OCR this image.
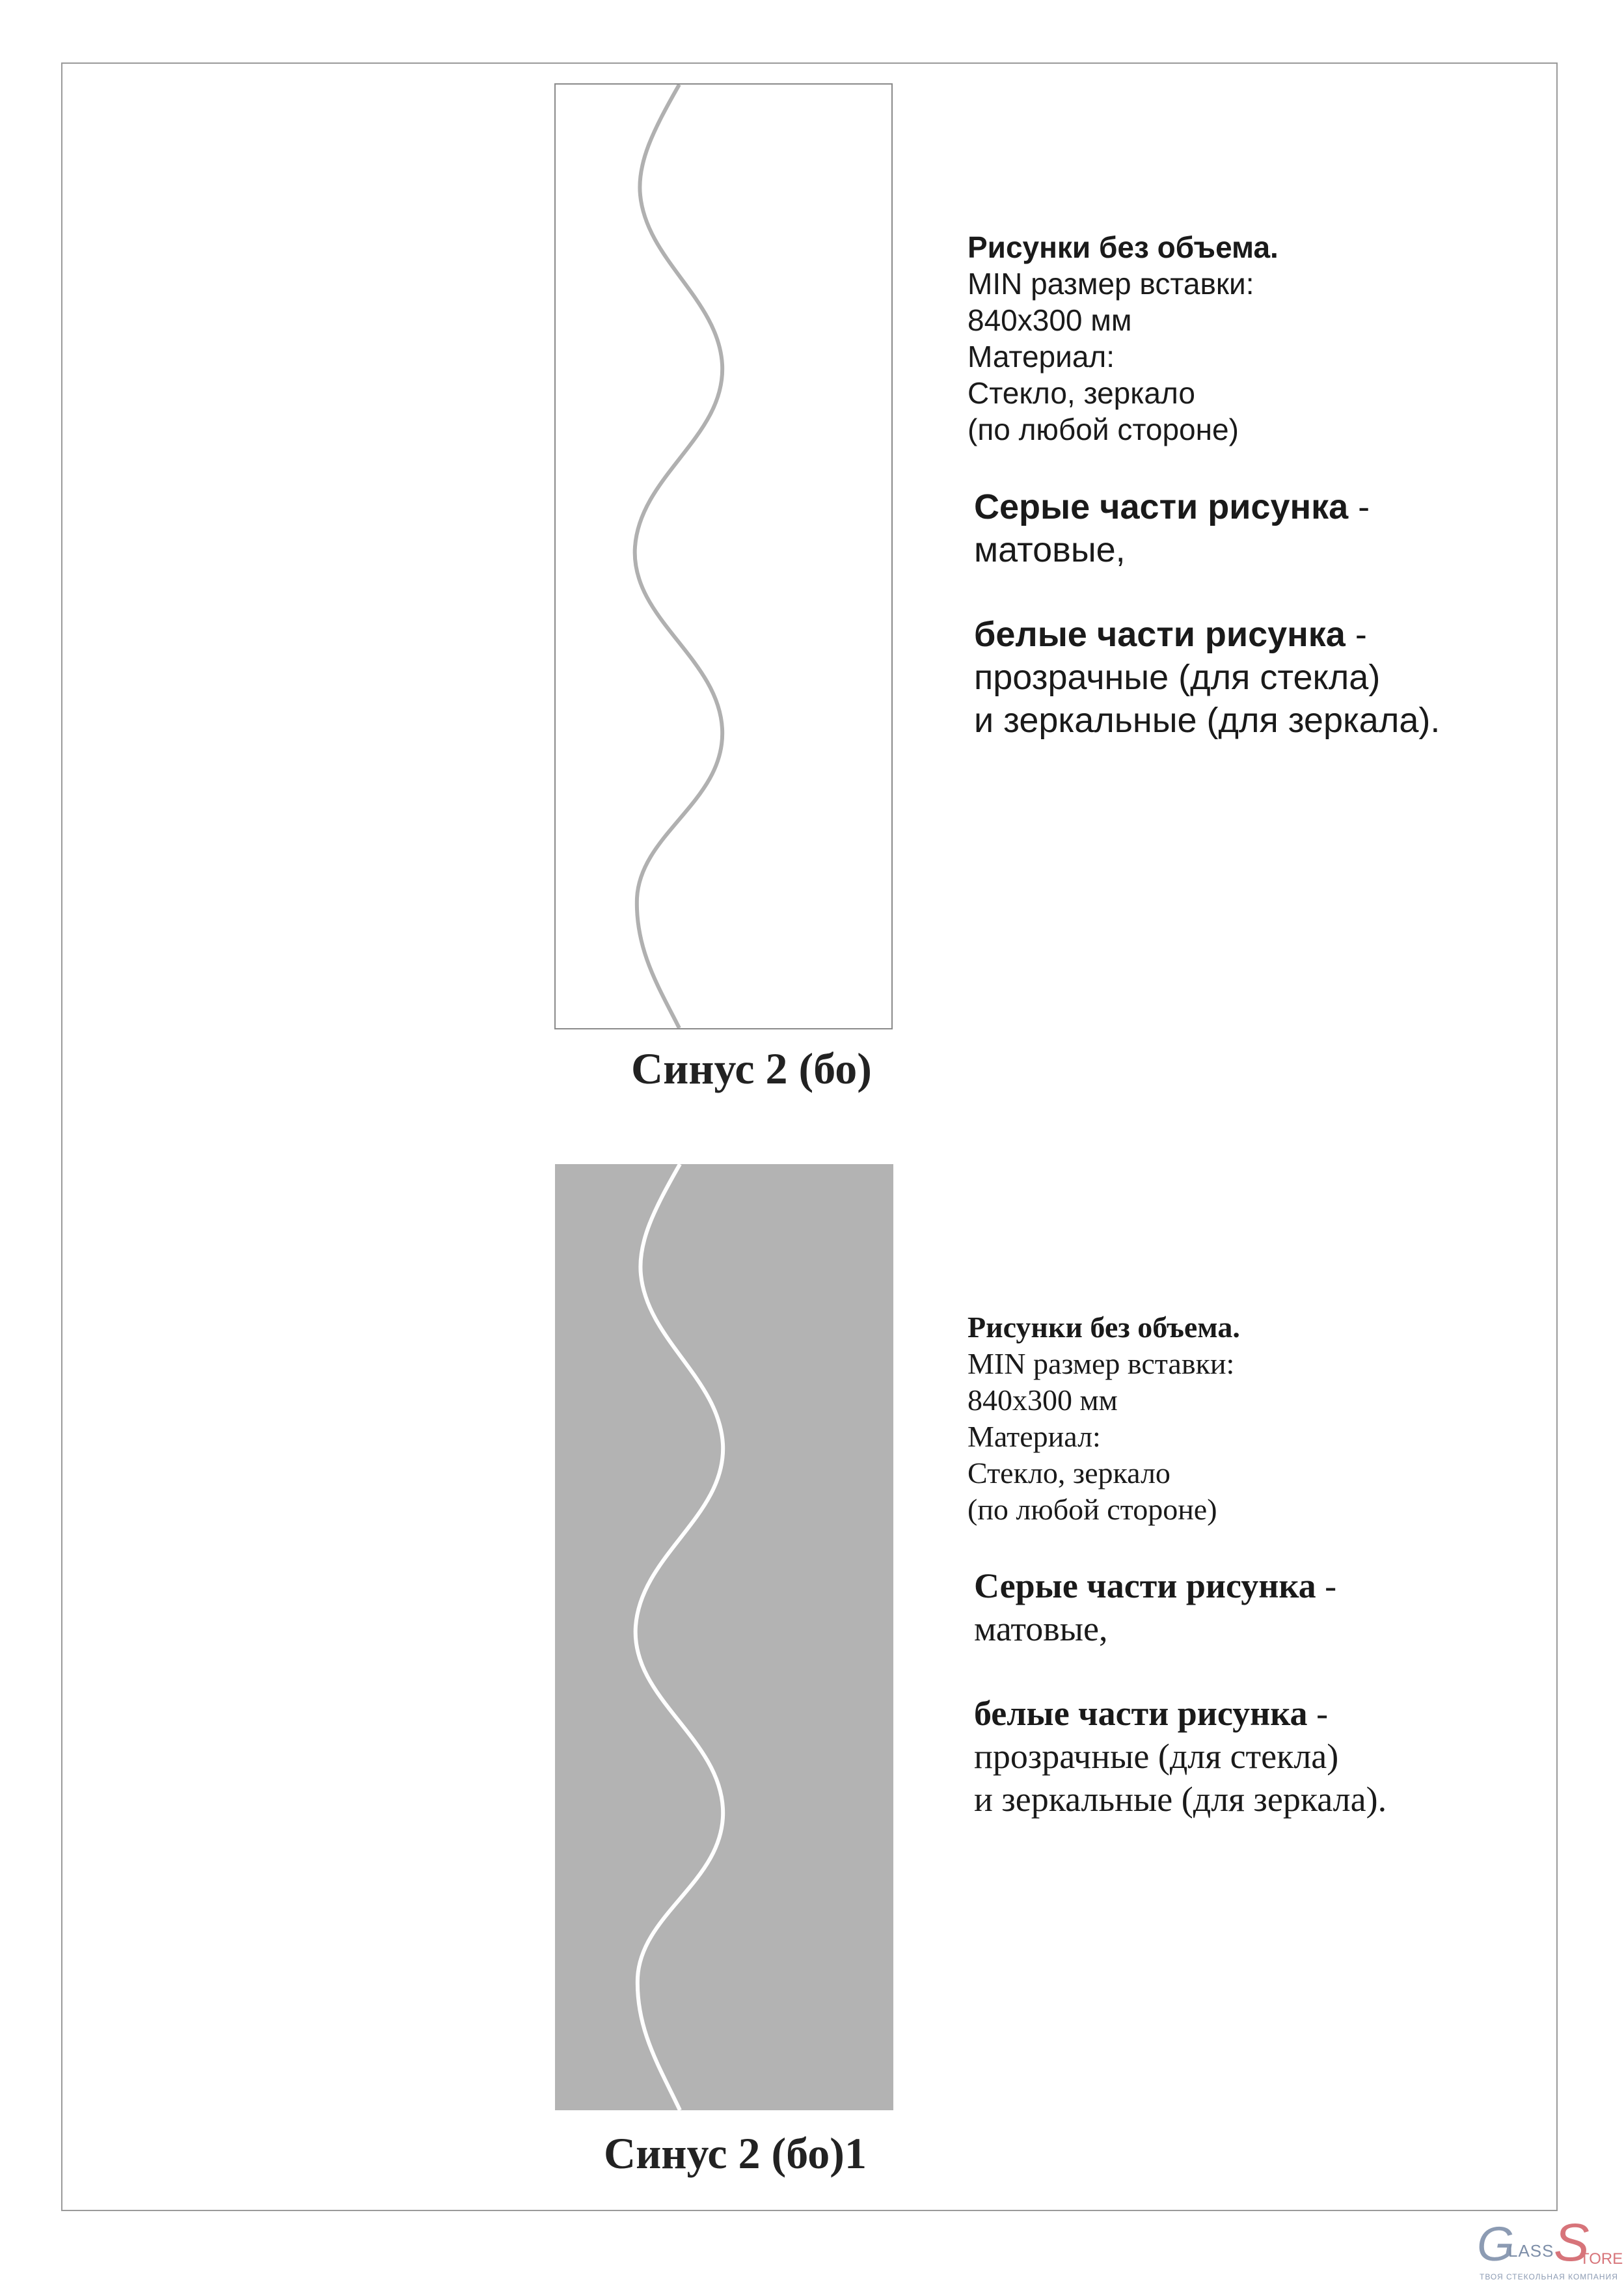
Синус 2 (бо)
Рисунки без объема.
MIN размер вставки:
840x300 мм
Материал:
Стекло, зеркало
(по любой стороне)
Серые части рисунка -
матовые,
белые части рисунка -
прозрачные (для стекла)
и зеркальные (для зеркала).
Синус 2 (бо)1
Рисунки без объема.
MIN размер вставки:
840x300 мм
Материал:
Стекло, зеркало
(по любой стороне)
Серые части рисунка -
матовые,
белые части рисунка -
прозрачные (для стекла)
и зеркальные (для зеркала).
G
LASS S
TORE
ТВОЯ СТЕКОЛЬНАЯ КОМПАНИЯ
